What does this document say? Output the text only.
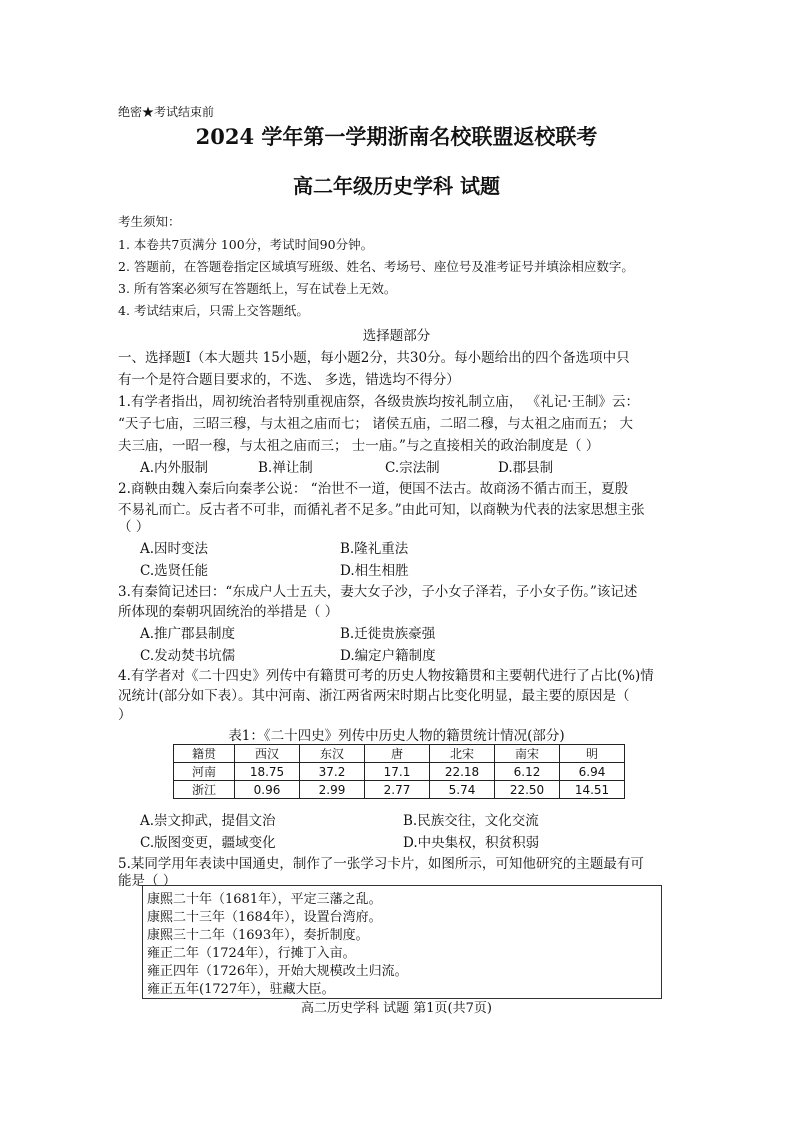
绝密★考试结束前
2024 学年第一学期浙南名校联盟返校联考
高二年级历史学科 试题
考生须知：
1. 本卷共7页满分 100分，考试时间90分钟。
2. 答题前，在答题卷指定区域填写班级、姓名、考场号、座位号及准考证号并填涂相应数字。
3. 所有答案必须写在答题纸上，写在试卷上无效。
4. 考试结束后，只需上交答题纸。
选择题部分
一、选择题Ⅰ（本大题共 15小题，每小题2分，共30分。每小题给出的四个备选项中只
有一个是符合题目要求的，不选、 多选，错选均不得分）
1.有学者指出，周初统治者特别重视庙祭，各级贵族均按礼制立庙， 《礼记·王制》云：
“天子七庙，三昭三穆，与太祖之庙而七； 诸侯五庙，二昭二穆，与太祖之庙而五； 大
夫三庙，一昭一穆，与太祖之庙而三； 士一庙。”与之直接相关的政治制度是（ ）
A.内外服制	B.禅让制	C.宗法制	D.郡县制
2.商鞅由魏入秦后向秦孝公说： “治世不一道，便国不法古。故商汤不循古而王，夏殷
不易礼而亡。反古者不可非，而循礼者不足多。”由此可知，以商鞅为代表的法家思想主张
（ ）
A.因时变法	B.隆礼重法
C.选贤任能	D.相生相胜
3.有秦简记述曰：“东成户人士五夫，妻大女子沙，子小女子泽若，子小女子伤。”该记述
所体现的秦朝巩固统治的举措是（ ）
A.推广郡县制度	B.迁徙贵族豪强
C.发动焚书坑儒	D.编定户籍制度
4.有学者对《二十四史》列传中有籍贯可考的历史人物按籍贯和主要朝代进行了占比(%)情
况统计(部分如下表）。其中河南、浙江两省两宋时期占比变化明显，最主要的原因是（
）
表1：《二十四史》列传中历史人物的籍贯统计情况(部分)
籍贯	西汉	东汉	唐	北宋	南宋	明
河南	18.75	37.2	17.1	22.18	6.12	6.94
浙江	0.96	2.99	2.77	5.74	22.50	14.51
A.崇文抑武，提倡文治	B.民族交往，文化交流
C.版图变更，疆域变化	D.中央集权，积贫积弱
5.某同学用年表读中国通史，制作了一张学习卡片，如图所示，可知他研究的主题最有可
能是（ ）
康熙二十年（1681年），平定三藩之乱。
康熙二十三年（1684年），设置台湾府。
康熙三十二年（1693年），奏折制度。
雍正二年（1724年），行摊丁入亩。
雍正四年（1726年），开始大规模改土归流。
雍正五年(1727年），驻藏大臣。
高二历史学科 试题 第1页(共7页)
